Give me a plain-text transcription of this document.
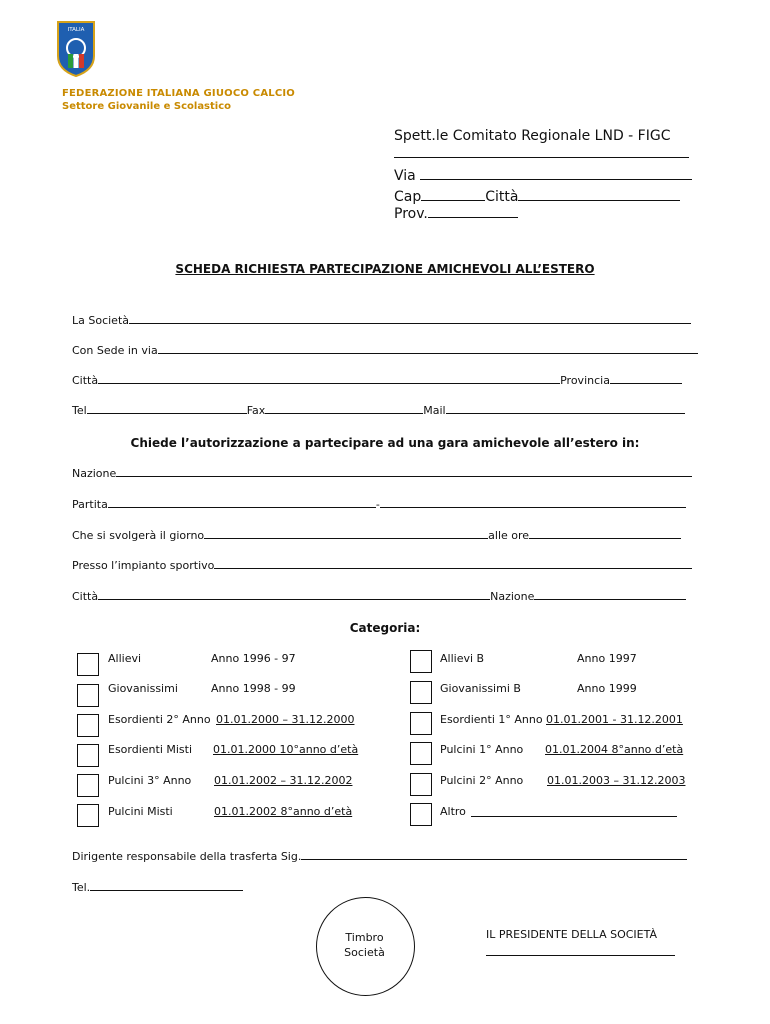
ITALIA
FEDERAZIONE ITALIANA GIUOCO CALCIO
Settore Giovanile e Scolastico
Spett.le Comitato Regionale LND - FIGC
Via
Cap	Città
Prov.
SCHEDA RICHIESTA PARTECIPAZIONE AMICHEVOLI ALL’ESTERO
La Società
Con Sede in via
Città	Provincia
Tel	Fax	Mail
Chiede l’autorizzazione a partecipare ad una gara amichevole all’estero in:
Nazione
Partita	-
Che si svolgerà il giorno	alle ore
Presso l’impianto sportivo
Città	Nazione
Categoria:
Allievi	Anno 1996 - 97	Allievi B	Anno 1997
Giovanissimi	Anno 1998 - 99	Giovanissimi B	Anno 1999
Esordienti 2° Anno 01.01.2000 – 31.12.2000	Esordienti 1° Anno 01.01.2001 - 31.12.2001
Esordienti Misti 01.01.2000 10°anno d’età	Pulcini 1° Anno 01.01.2004 8°anno d’età
Pulcini 3° Anno 01.01.2002 – 31.12.2002	Pulcini 2° Anno 01.01.2003 – 31.12.2003
Pulcini Misti	01.01.2002 8°anno d’età	Altro
Dirigente responsabile della trasferta Sig.
Tel.
Timbro
Società
IL PRESIDENTE DELLA SOCIETÀ
